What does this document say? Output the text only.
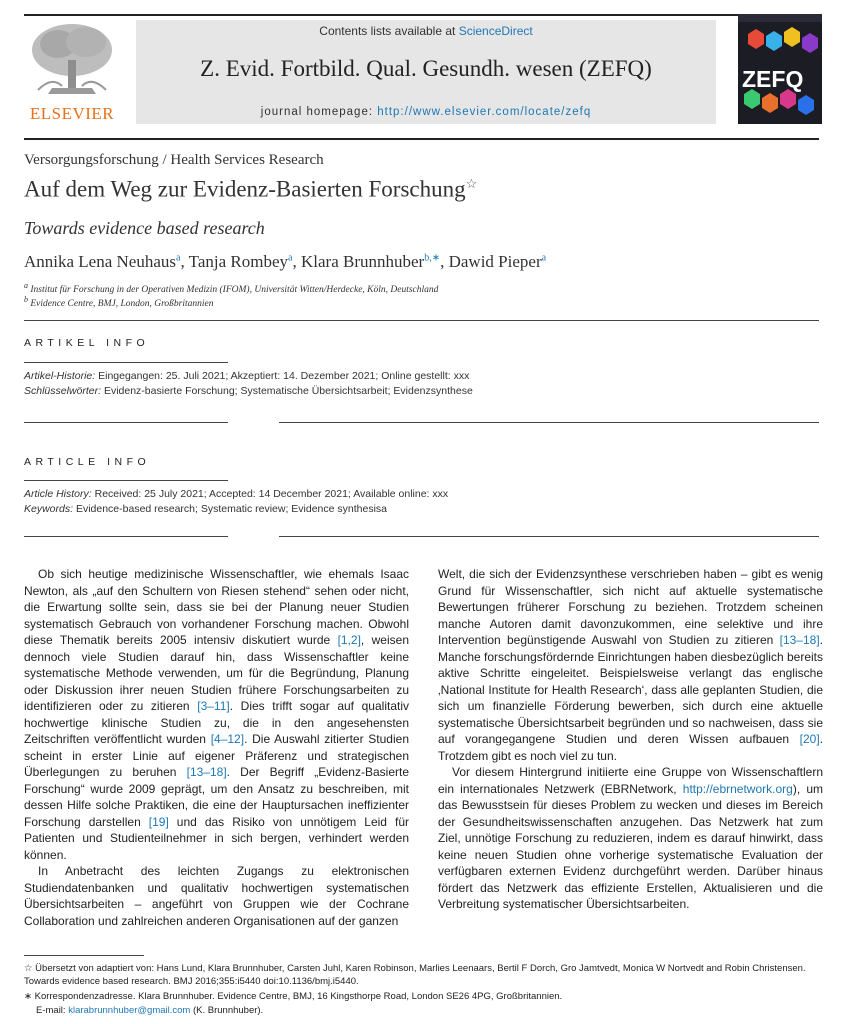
ELSEVIER
Contents lists available at ScienceDirect
Z. Evid. Fortbild. Qual. Gesundh. wesen (ZEFQ)
journal homepage: http://www.elsevier.com/locate/zefq
ZEFQ
Versorgungsforschung / Health Services Research
Auf dem Weg zur Evidenz-Basierten Forschung☆
Towards evidence based research
Annika Lena Neuhaus$^a$, Tanja Rombey$^a$, Klara Brunnhuber$^{b,∗}$, Dawid Pieper$^a$
$^a$ Institut für Forschung in der Operativen Medizin (IFOM), Universität Witten/Herdecke, Köln, Deutschland
$^b$ Evidence Centre, BMJ, London, Großbritannien
ARTIKEL INFO
Artikel-Historie: Eingegangen: 25. Juli 2021; Akzeptiert: 14. Dezember 2021; Online gestellt: xxx
Schlüsselwörter: Evidenz-basierte Forschung; Systematische Übersichtsarbeit; Evidenzsynthese
ARTICLE INFO
Article History: Received: 25 July 2021; Accepted: 14 December 2021; Available online: xxx
Keywords: Evidence-based research; Systematic review; Evidence synthesisa

Ob sich heutige medizinische Wissenschaftler, wie ehemals Isaac Newton, als „auf den Schultern von Riesen stehend“ sehen oder nicht, die Erwartung sollte sein, dass sie bei der Planung neuer Studien systematisch Gebrauch von vorhandener Forschung machen. Obwohl diese Thematik bereits 2005 intensiv diskutiert wurde [1,2], weisen dennoch viele Studien darauf hin, dass Wissenschaftler keine systematische Methode verwenden, um für die Begründung, Planung oder Diskussion ihrer neuen Studien frühere Forschungsarbeiten zu identifizieren oder zu zitieren [3–11]. Dies trifft sogar auf qualitativ hochwertige klinische Studien zu, die in den angesehensten Zeitschriften veröffentlicht wurden [4–12]. Die Auswahl zitierter Studien scheint in erster Linie auf eigener Präferenz und strategischen Überlegungen zu beruhen [13–18]. Der Begriff „Evidenz-Basierte Forschung“ wurde 2009 geprägt, um den Ansatz zu beschreiben, mit dessen Hilfe solche Praktiken, die eine der Hauptursachen ineffizienter Forschung darstellen [19] und das Risiko von unnötigem Leid für Patienten und Studienteilnehmer in sich bergen, verhindert werden können.

In Anbetracht des leichten Zugangs zu elektronischen Studiendatenbanken und qualitativ hochwertigen systematischen Übersichtsarbeiten – angeführt von Gruppen wie der Cochrane Collaboration und zahlreichen anderen Organisationen auf der ganzen

Welt, die sich der Evidenzsynthese verschrieben haben – gibt es wenig Grund für Wissenschaftler, sich nicht auf aktuelle systematische Bewertungen früherer Forschung zu beziehen. Trotzdem scheinen manche Autoren damit davonzukommen, eine selektive und ihre Intervention begünstigende Auswahl von Studien zu zitieren [13–18]. Manche forschungsfördernde Einrichtungen haben diesbezüglich bereits aktive Schritte eingeleitet. Beispielsweise verlangt das englische ‚National Institute for Health Research‘, dass alle geplanten Studien, die sich um finanzielle Förderung bewerben, sich durch eine aktuelle systematische Übersichtsarbeit begründen und so nachweisen, dass sie auf vorangegangene Studien und deren Wissen aufbauen [20]. Trotzdem gibt es noch viel zu tun.

Vor diesem Hintergrund initiierte eine Gruppe von Wissenschaftlern ein internationales Netzwerk (EBRNetwork, http://ebrnetwork.org), um das Bewusstsein für dieses Problem zu wecken und dieses im Bereich der Gesundheitswissenschaften anzugehen. Das Netzwerk hat zum Ziel, unnötige Forschung zu reduzieren, indem es darauf hinwirkt, dass keine neuen Studien ohne vorherige systematische Evaluation der verfügbaren externen Evidenz durchgeführt werden. Darüber hinaus fördert das Netzwerk das effiziente Erstellen, Aktualisieren und die Verbreitung systematischer Übersichtsarbeiten.

☆ Übersetzt von adaptiert von: Hans Lund, Klara Brunnhuber, Carsten Juhl, Karen Robinson, Marlies Leenaars, Bertil F Dorch, Gro Jamtvedt, Monica W Nortvedt and Robin Christensen. Towards evidence based research. BMJ 2016;355:i5440 doi:10.1136/bmj.i5440.
∗ Korrespondenzadresse. Klara Brunnhuber. Evidence Centre, BMJ, 16 Kingsthorpe Road, London SE26 4PG, Großbritannien.
E-mail: klarabrunnhuber@gmail.com (K. Brunnhuber).
